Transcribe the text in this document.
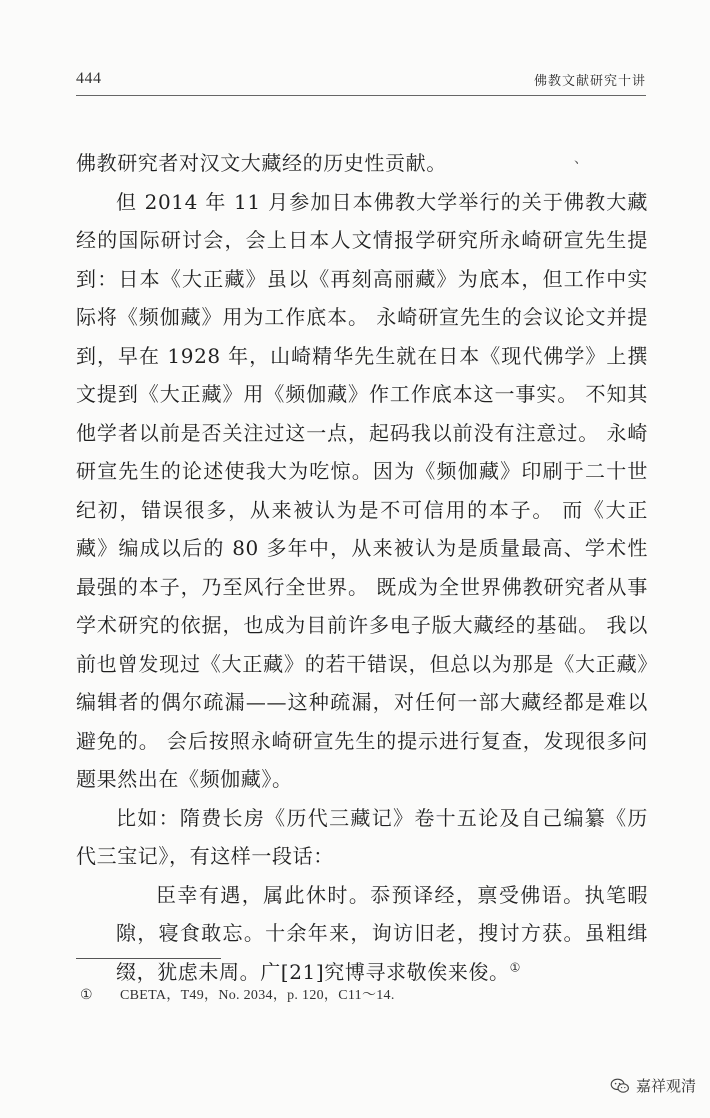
444	佛教文献研究十讲
、

佛教研究者对汉文大藏经的历史性贡献。

但 2014 年 11 月参加日本佛教大学举行的关于佛教大藏经的国际研讨会，会上日本人文情报学研究所永崎研宣先生提到：日本《大正藏》虽以《再刻高丽藏》为底本，但工作中实际将《频伽藏》用为工作底本。 永崎研宣先生的会议论文并提到，早在 1928 年，山崎精华先生就在日本《现代佛学》上撰文提到《大正藏》用《频伽藏》作工作底本这一事实。 不知其他学者以前是否关注过这一点，起码我以前没有注意过。 永崎研宣先生的论述使我大为吃惊。因为《频伽藏》印刷于二十世纪初，错误很多，从来被认为是不可信用的本子。 而《大正藏》编成以后的 80 多年中，从来被认为是质量最高、学术性最强的本子，乃至风行全世界。 既成为全世界佛教研究者从事学术研究的依据，也成为目前许多电子版大藏经的基础。 我以前也曾发现过《大正藏》的若干错误，但总以为那是《大正藏》编辑者的偶尔疏漏——这种疏漏，对任何一部大藏经都是难以避免的。 会后按照永崎研宣先生的提示进行复查，发现很多问题果然出在《频伽藏》。

比如：隋费长房《历代三藏记》卷十五论及自己编纂《历代三宝记》，有这样一段话：

臣幸有遇，属此休时。忝预译经，禀受佛语。执笔暇隙，寝食敢忘。十余年来，询访旧老，搜讨方获。虽粗缉缀，犹虑未周。广[21]究博寻求敬俟来俊。①

① CBETA，T49，No. 2034，p. 120，C11～14.
嘉祥观清
